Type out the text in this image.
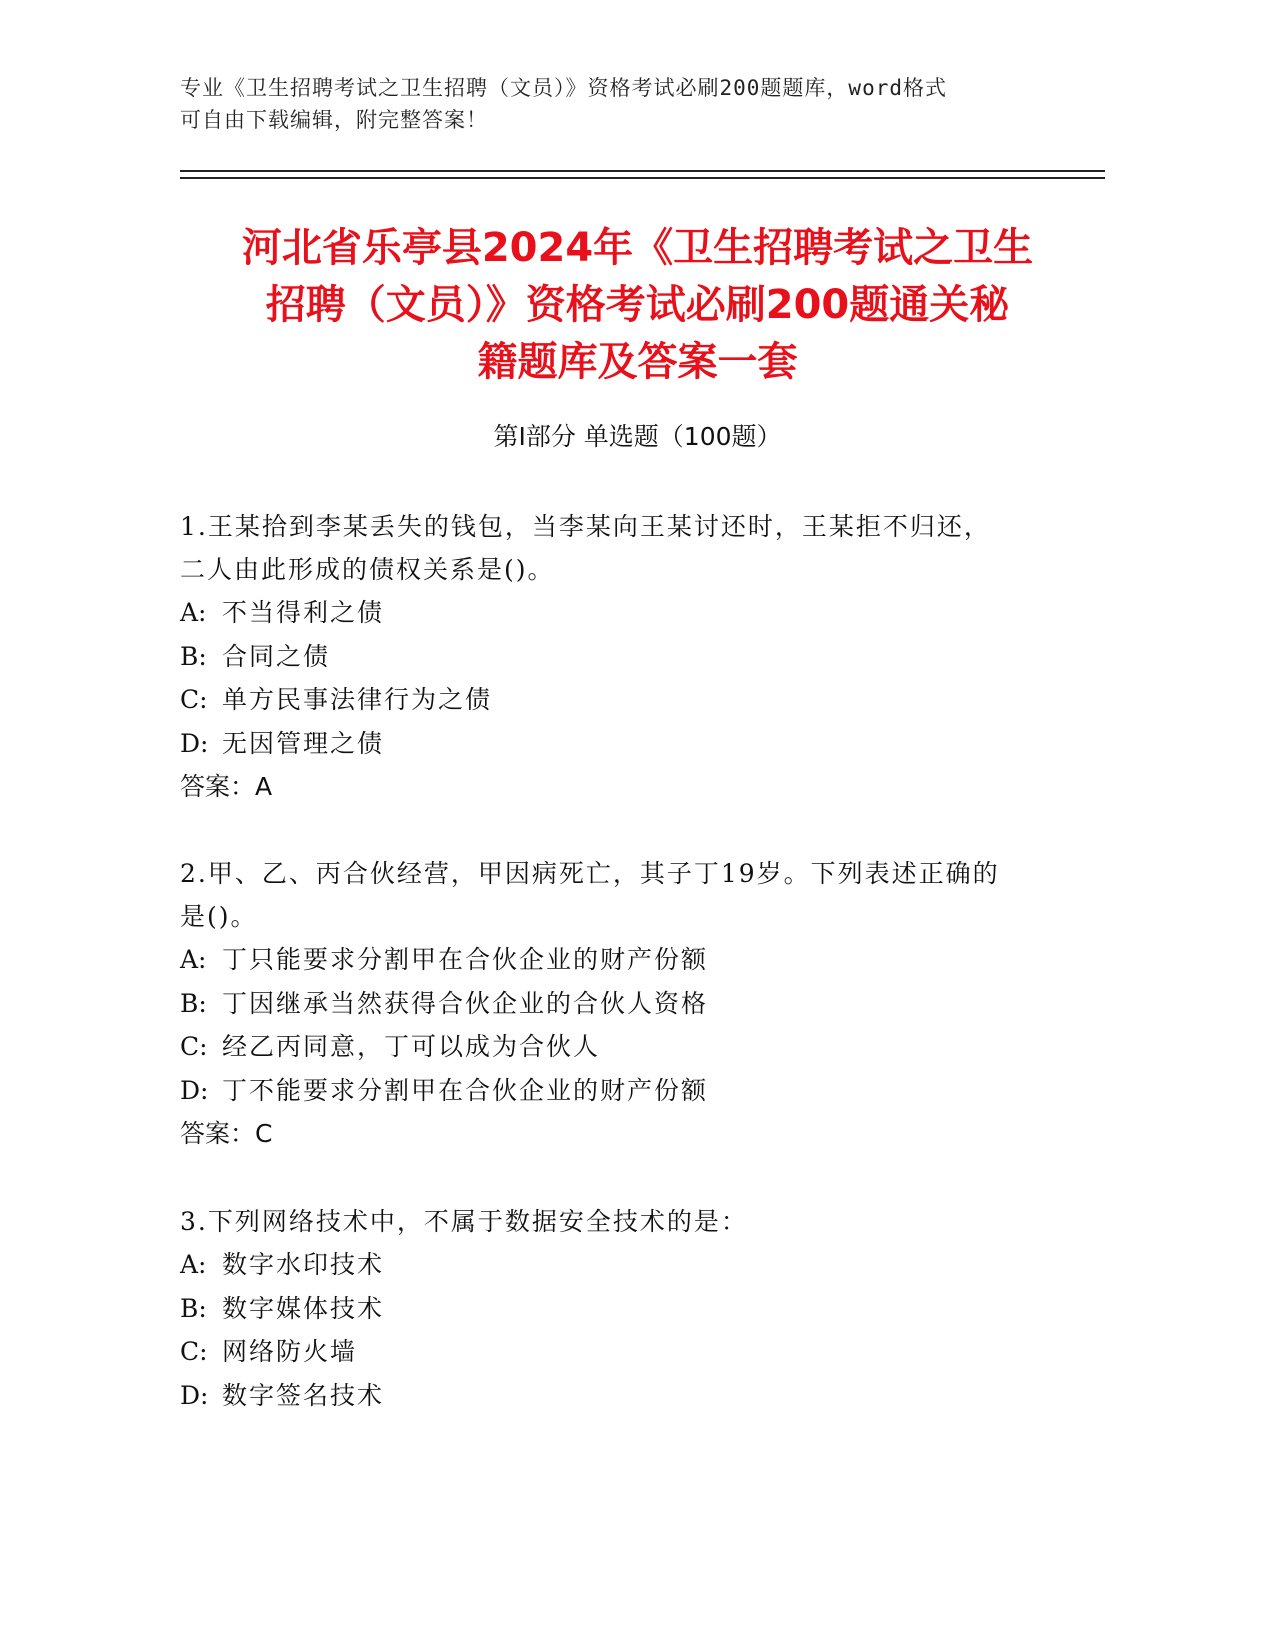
专业《卫生招聘考试之卫生招聘（文员）》资格考试必刷200题题库，word格式
可自由下载编辑，附完整答案！
河北省乐亭县2024年《卫生招聘考试之卫生
招聘（文员）》资格考试必刷200题通关秘
籍题库及答案一套
第Ⅰ部分 单选题（100题）

1.王某拾到李某丢失的钱包，当李某向王某讨还时，王某拒不归还，
二人由此形成的债权关系是()。

A: 不当得利之债

B: 合同之债

C: 单方民事法律行为之债

D: 无因管理之债

答案：A

2.甲、乙、丙合伙经营，甲因病死亡，其子丁19岁。下列表述正确的
是()。

A: 丁只能要求分割甲在合伙企业的财产份额

B: 丁因继承当然获得合伙企业的合伙人资格

C: 经乙丙同意，丁可以成为合伙人

D: 丁不能要求分割甲在合伙企业的财产份额

答案：C

3.下列网络技术中，不属于数据安全技术的是：

A: 数字水印技术

B: 数字媒体技术

C: 网络防火墙

D: 数字签名技术
